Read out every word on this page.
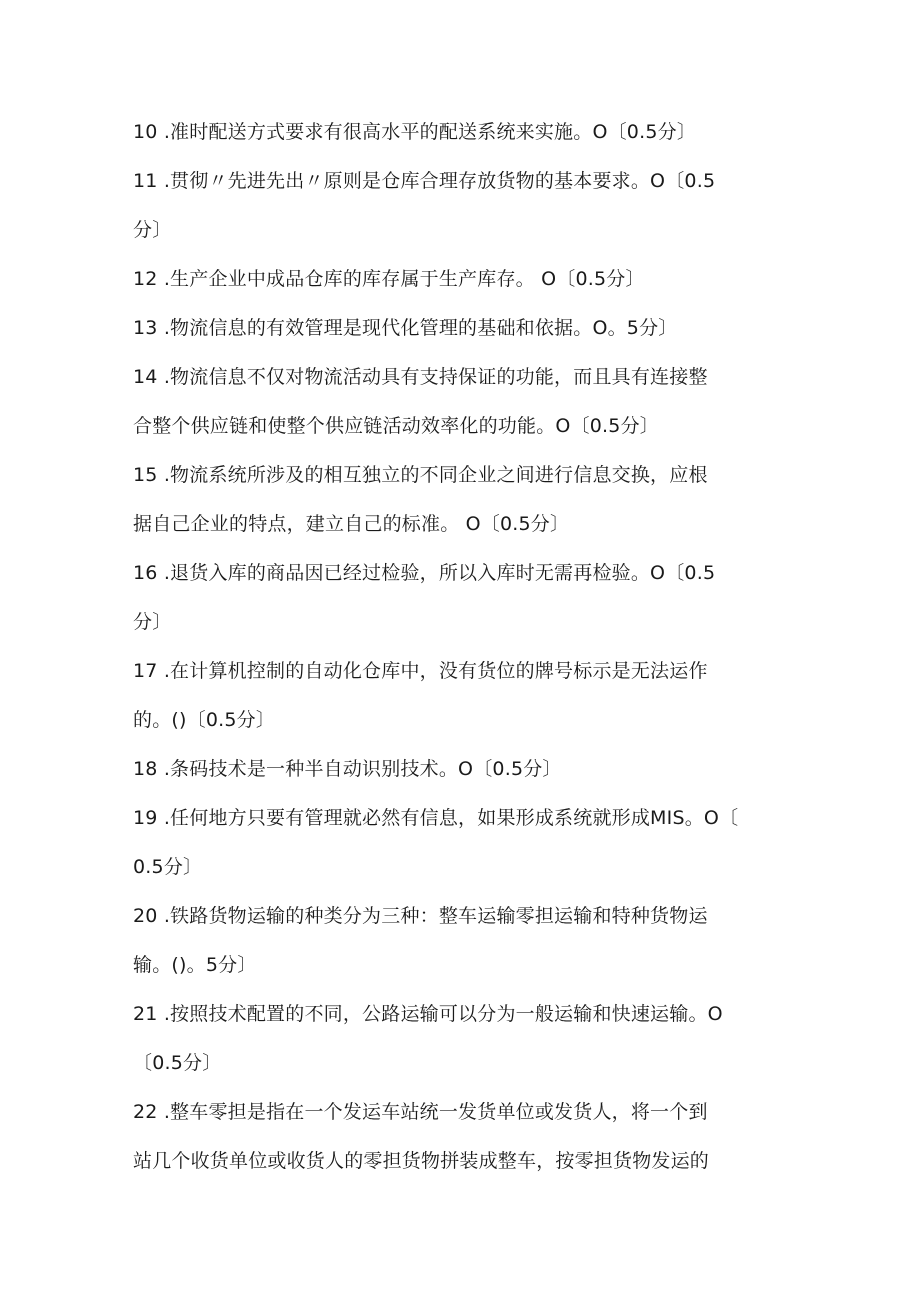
10 .准时配送方式要求有很高水平的配送系统来实施。O〔0.5分〕
11 .贯彻〃先进先出〃原则是仓库合理存放货物的基本要求。O〔0.5
分〕
12 .生产企业中成品仓库的库存属于生产库存。 O〔0.5分〕
13 .物流信息的有效管理是现代化管理的基础和依据。O。5分〕
14 .物流信息不仅对物流活动具有支持保证的功能，而且具有连接整
合整个供应链和使整个供应链活动效率化的功能。O〔0.5分〕
15 .物流系统所涉及的相互独立的不同企业之间进行信息交换，应根
据自己企业的特点，建立自己的标准。 O〔0.5分〕
16 .退货入库的商品因已经过检验，所以入库时无需再检验。O〔0.5
分〕
17 .在计算机控制的自动化仓库中，没有货位的牌号标示是无法运作
的。()〔0.5分〕
18 .条码技术是一种半自动识别技术。O〔0.5分〕
19 .任何地方只要有管理就必然有信息，如果形成系统就形成MIS。O〔
0.5分〕
20 .铁路货物运输的种类分为三种：整车运输零担运输和特种货物运
输。()。5分〕
21 .按照技术配置的不同，公路运输可以分为一般运输和快速运输。O
〔0.5分〕
22 .整车零担是指在一个发运车站统一发货单位或发货人，将一个到
站几个收货单位或收货人的零担货物拼装成整车，按零担货物发运的
